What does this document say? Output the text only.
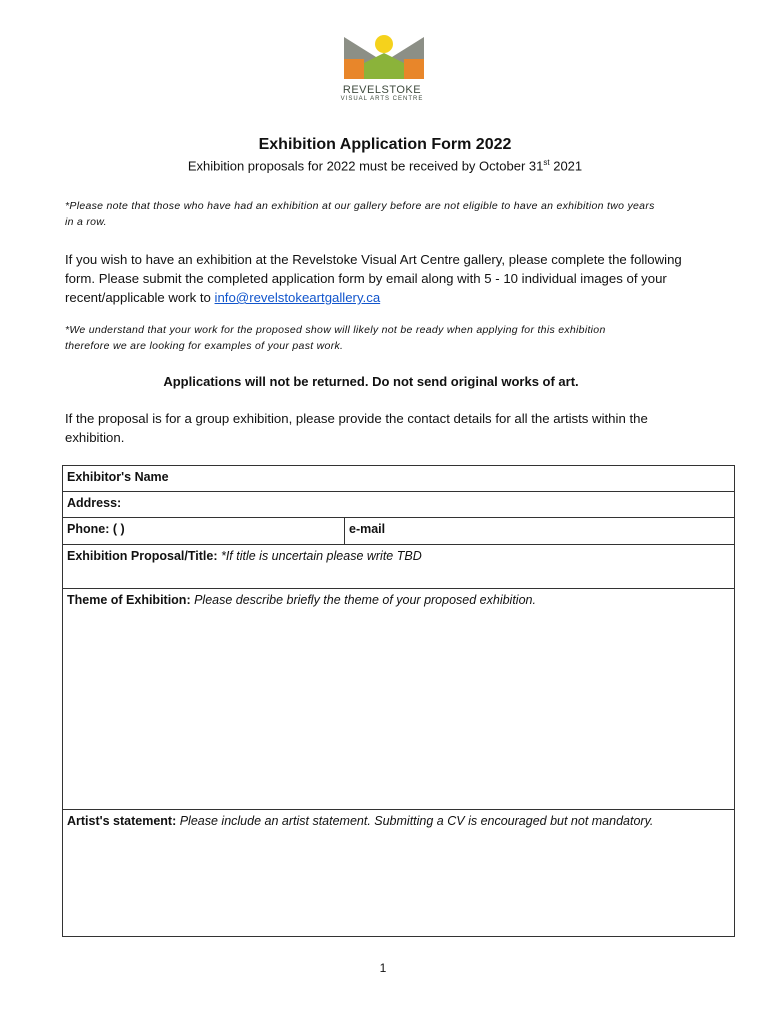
REVELSTOKE
VISUAL ARTS CENTRE
Exhibition Application Form 2022
Exhibition proposals for 2022 must be received by October 31st 2021
*Please note that those who have had an exhibition at our gallery before are not eligible to have an exhibition two years in a row.
If you wish to have an exhibition at the Revelstoke Visual Art Centre gallery, please complete the following form. Please submit the completed application form by email along with 5 - 10 individual images of your recent/applicable work to info@revelstokeartgallery.ca
*We understand that your work for the proposed show will likely not be ready when applying for this exhibition therefore we are looking for examples of your past work.
Applications will not be returned. Do not send original works of art.
If the proposal is for a group exhibition, please provide the contact details for all the artists within the exhibition.
Exhibitor's Name
Address:
Phone: ( )	e-mail
Exhibition Proposal/Title: *If title is uncertain please write TBD
Theme of Exhibition: Please describe briefly the theme of your proposed exhibition.
Artist's statement: Please include an artist statement. Submitting a CV is encouraged but not mandatory.
1
